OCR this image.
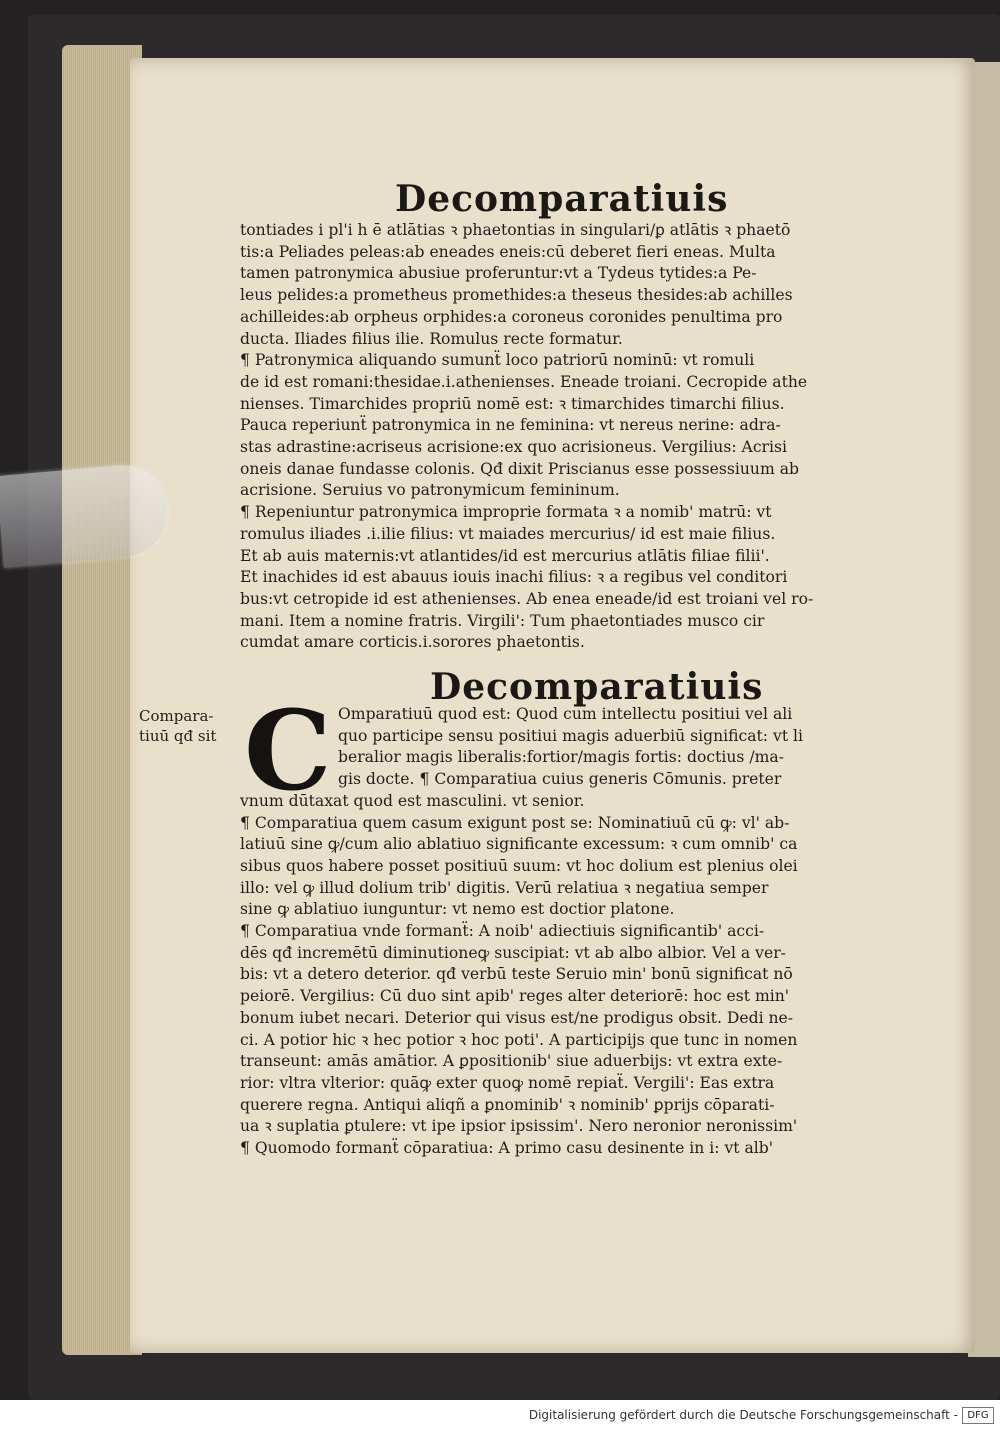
Decomparatiuis
tontiades i pl'i h ē atlātias ꝛ phaetontias in singulari/ꝑ atlātis ꝛ phaetō
tis:a Peliades peleas:ab eneades eneis:cū deberet fieri eneas. Multa
tamen patronymica abusiue proferuntur:vt a Tydeus tytides:a Pe-
leus pelides:a prometheus promethides:a theseus thesides:ab achilles
achilleides:ab orpheus orphides:a coroneus coronides penultima pro
ducta. Iliades filius ilie. Romulus recte formatur.
¶ Patronymica aliquando sumunẗ loco patriorū nominū: vt romuli
de id est romani:thesidae.i.athenienses. Eneade troiani. Cecropide athe
nienses. Timarchides propriū nomē est: ꝛ timarchides timarchi filius.
Pauca reperiunẗ patronymica in ne feminina: vt nereus nerine: adra-
stas adrastine:acriseus acrisione:ex quo acrisioneus. Vergilius: Acrisi
oneis danae fundasse colonis. Qđ dixit Priscianus esse possessiuum ab
acrisione. Seruius vo patronymicum femininum.
¶ Repeniuntur patronymica improprie formata ꝛ a nomib' matrū: vt
romulus iliades .i.ilie filius: vt maiades mercurius/ id est maie filius.
Et ab auis maternis:vt atlantides/id est mercurius atlātis filiae filii'.
Et inachides id est abauus iouis inachi filius: ꝛ a regibus vel conditori
bus:vt cetropide id est athenienses. Ab enea eneade/id est troiani vel ro-
mani. Item a nomine fratris. Virgili': Tum phaetontiades musco cir
cumdat amare corticis.i.sorores phaetontis.
Decomparatiuis
Compara-
tiuū qđ sit C Omparatiuū quod est: Quod cum intellectu positiui vel ali
quo participe sensu positiui magis aduerbiū significat: vt li
beralior magis liberalis:fortior/magis fortis: doctius /ma-
gis docte. ¶ Comparatiua cuius generis Cōmunis. preter
vnum dūtaxat quod est masculini. vt senior.
¶ Comparatiua quem casum exigunt post se: Nominatiuū cū ꝙ: vl' ab-
latiuū sine ꝙ/cum alio ablatiuo significante excessum: ꝛ cum omnib' ca
sibus quos habere posset positiuū suum: vt hoc dolium est plenius olei
illo: vel ꝙ illud dolium trib' digitis. Verū relatiua ꝛ negatiua semper
sine ꝙ ablatiuo iunguntur: vt nemo est doctior platone.
¶ Comparatiua vnde formanẗ: A noib' adiectiuis significantib' acci-
dēs qđ incremētū diminutioneꝙ suscipiat: vt ab albo albior. Vel a ver-
bis: vt a detero deterior. qđ verbū teste Seruio min' bonū significat nō
peiorē. Vergilius: Cū duo sint apib' reges alter deteriorē: hoc est min'
bonum iubet necari. Deterior qui visus est/ne prodigus obsit. Dedi ne-
ci. A potior hic ꝛ hec potior ꝛ hoc poti'. A participijs que tunc in nomen
transeunt: amās amātior. A ꝑpositionib' siue aduerbijs: vt extra exte-
rior: vltra vlterior: quāꝙ exter quoꝙ nomē repiaẗ. Vergili': Eas extra
querere regna. Antiqui aliqñ a ꝑnominib' ꝛ nominib' ꝑprijs cōparati-
ua ꝛ suplatia ꝑtulere: vt ipe ipsior ipsissim'. Nero neronior neronissim'
¶ Quomodo formanẗ cōparatiua: A primo casu desinente in i: vt alb'
Digitalisierung gefördert durch die Deutsche Forschungsgemeinschaft - DFG
